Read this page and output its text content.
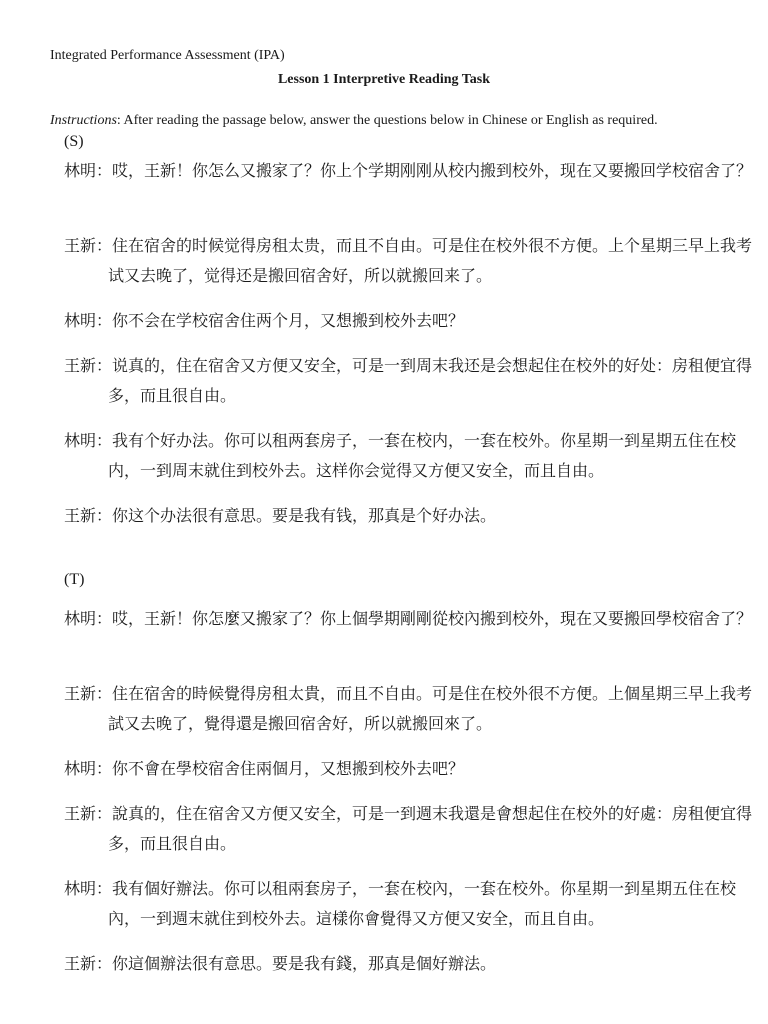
Integrated Performance Assessment (IPA)
Lesson 1 Interpretive Reading Task
Instructions: After reading the passage below, answer the questions below in Chinese or English as required.
(S)

林明：哎，王新！你怎么又搬家了？你上个学期刚刚从校内搬到校外，现在又要搬回学校宿舍了？

王新：住在宿舍的时候觉得房租太贵，而且不自由。可是住在校外很不方便。上个星期三早上我考试又去晚了，觉得还是搬回宿舍好，所以就搬回来了。

林明：你不会在学校宿舍住两个月，又想搬到校外去吧？

王新：说真的，住在宿舍又方便又安全，可是一到周末我还是会想起住在校外的好处：房租便宜得多，而且很自由。

林明：我有个好办法。你可以租两套房子，一套在校内，一套在校外。你星期一到星期五住在校内，一到周末就住到校外去。这样你会觉得又方便又安全，而且自由。

王新：你这个办法很有意思。要是我有钱，那真是个好办法。

(T)

林明：哎，王新！你怎麼又搬家了？你上個學期剛剛從校內搬到校外，現在又要搬回學校宿舍了？

王新：住在宿舍的時候覺得房租太貴，而且不自由。可是住在校外很不方便。上個星期三早上我考試又去晚了，覺得還是搬回宿舍好，所以就搬回來了。

林明：你不會在學校宿舍住兩個月，又想搬到校外去吧？

王新：說真的，住在宿舍又方便又安全，可是一到週末我還是會想起住在校外的好處：房租便宜得多，而且很自由。

林明：我有個好辦法。你可以租兩套房子，一套在校內，一套在校外。你星期一到星期五住在校內，一到週末就住到校外去。這樣你會覺得又方便又安全，而且自由。

王新：你這個辦法很有意思。要是我有錢，那真是個好辦法。
